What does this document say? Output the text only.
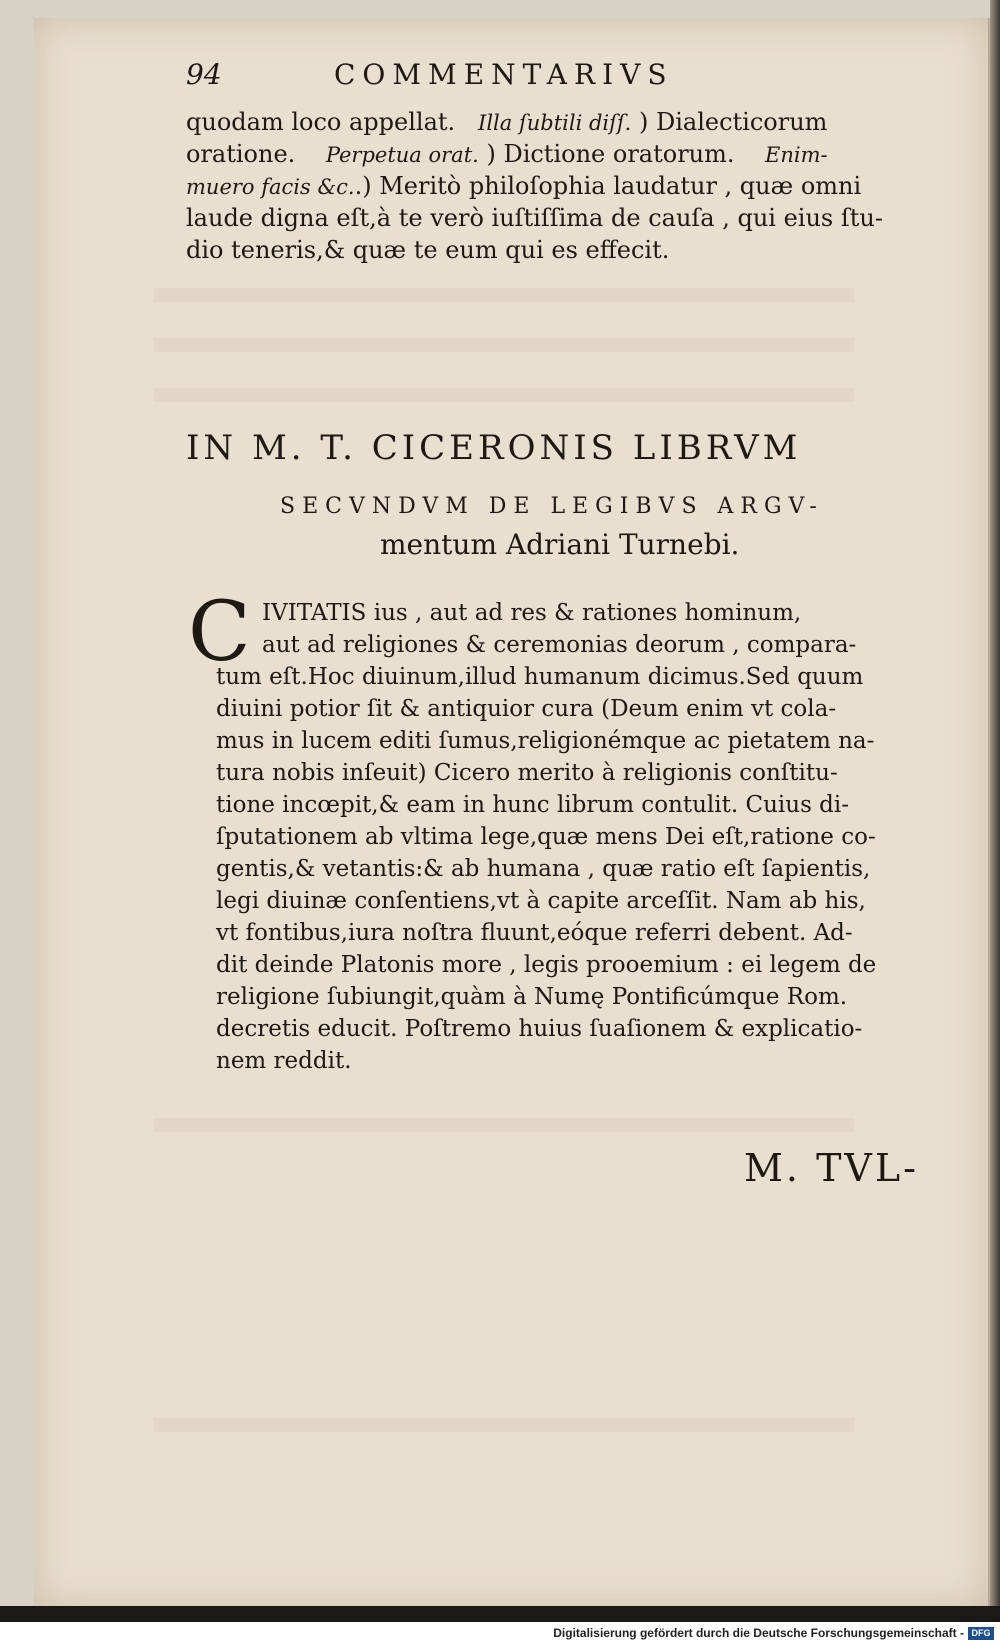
94	COMMENTARIVS
quodam loco appellat. Illa ſubtili diſſ. ) Dialecticorum
oratione. Perpetua orat. ) Dictione oratorum. Enim-
muero facis &c..) Meritò philoſophia laudatur , quæ omni
laude digna eſt,à te verò iuſtiſſima de cauſa , qui eius ſtu-
dio teneris,& quæ te eum qui es effecit.
IN M. T. CICERONIS LIBRVM
SECVNDVM DE LEGIBVS ARGV-
mentum Adriani Turnebi.
C IVITATIS ius , aut ad res & rationes hominum,
aut ad religiones & ceremonias deorum , compara-
tum eſt.Hoc diuinum,illud humanum dicimus.Sed quum
diuini potior ſit & antiquior cura (Deum enim vt cola-
mus in lucem editi ſumus,religionémque ac pietatem na-
tura nobis inſeuit) Cicero merito à religionis conſtitu-
tione incœpit,& eam in hunc librum contulit. Cuius di-
ſputationem ab vltima lege,quæ mens Dei eſt,ratione co-
gentis,& vetantis:& ab humana , quæ ratio eſt ſapientis,
legi diuinæ conſentiens,vt à capite arceſſit. Nam ab his,
vt fontibus,iura noſtra fluunt,eóque referri debent. Ad-
dit deinde Platonis more , legis prooemium : ei legem de
religione ſubiungit,quàm à Numę Pontificúmque Rom.
decretis educit. Poſtremo huius ſuaſionem & explicatio-
nem reddit.
M. TVL-
Digitalisierung gefördert durch die Deutsche Forschungsgemeinschaft - DFG
